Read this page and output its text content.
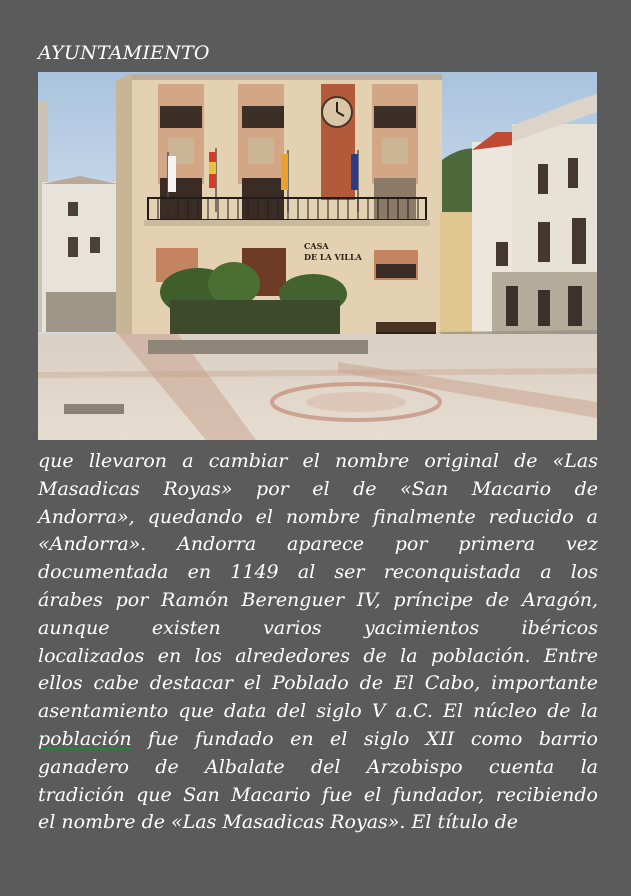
AYUNTAMIENTO
CASA
DE LA VILLA
que llevaron a cambiar el nombre original de «Las
Masadicas Royas» por el de «San Macario de
Andorra», quedando el nombre finalmente reducido a
«Andorra». Andorra aparece por primera vez
documentada en 1149 al ser reconquistada a los
árabes por Ramón Berenguer IV, príncipe de Aragón,
aunque existen varios yacimientos ibéricos
localizados en los alrededores de la población. Entre
ellos cabe destacar el Poblado de El Cabo, importante
asentamiento que data del siglo V a.C. El núcleo de la
población fue fundado en el siglo XII como barrio
ganadero de Albalate del Arzobispo cuenta la
tradición que San Macario fue el fundador, recibiendo
el nombre de «Las Masadicas Royas». El título de
